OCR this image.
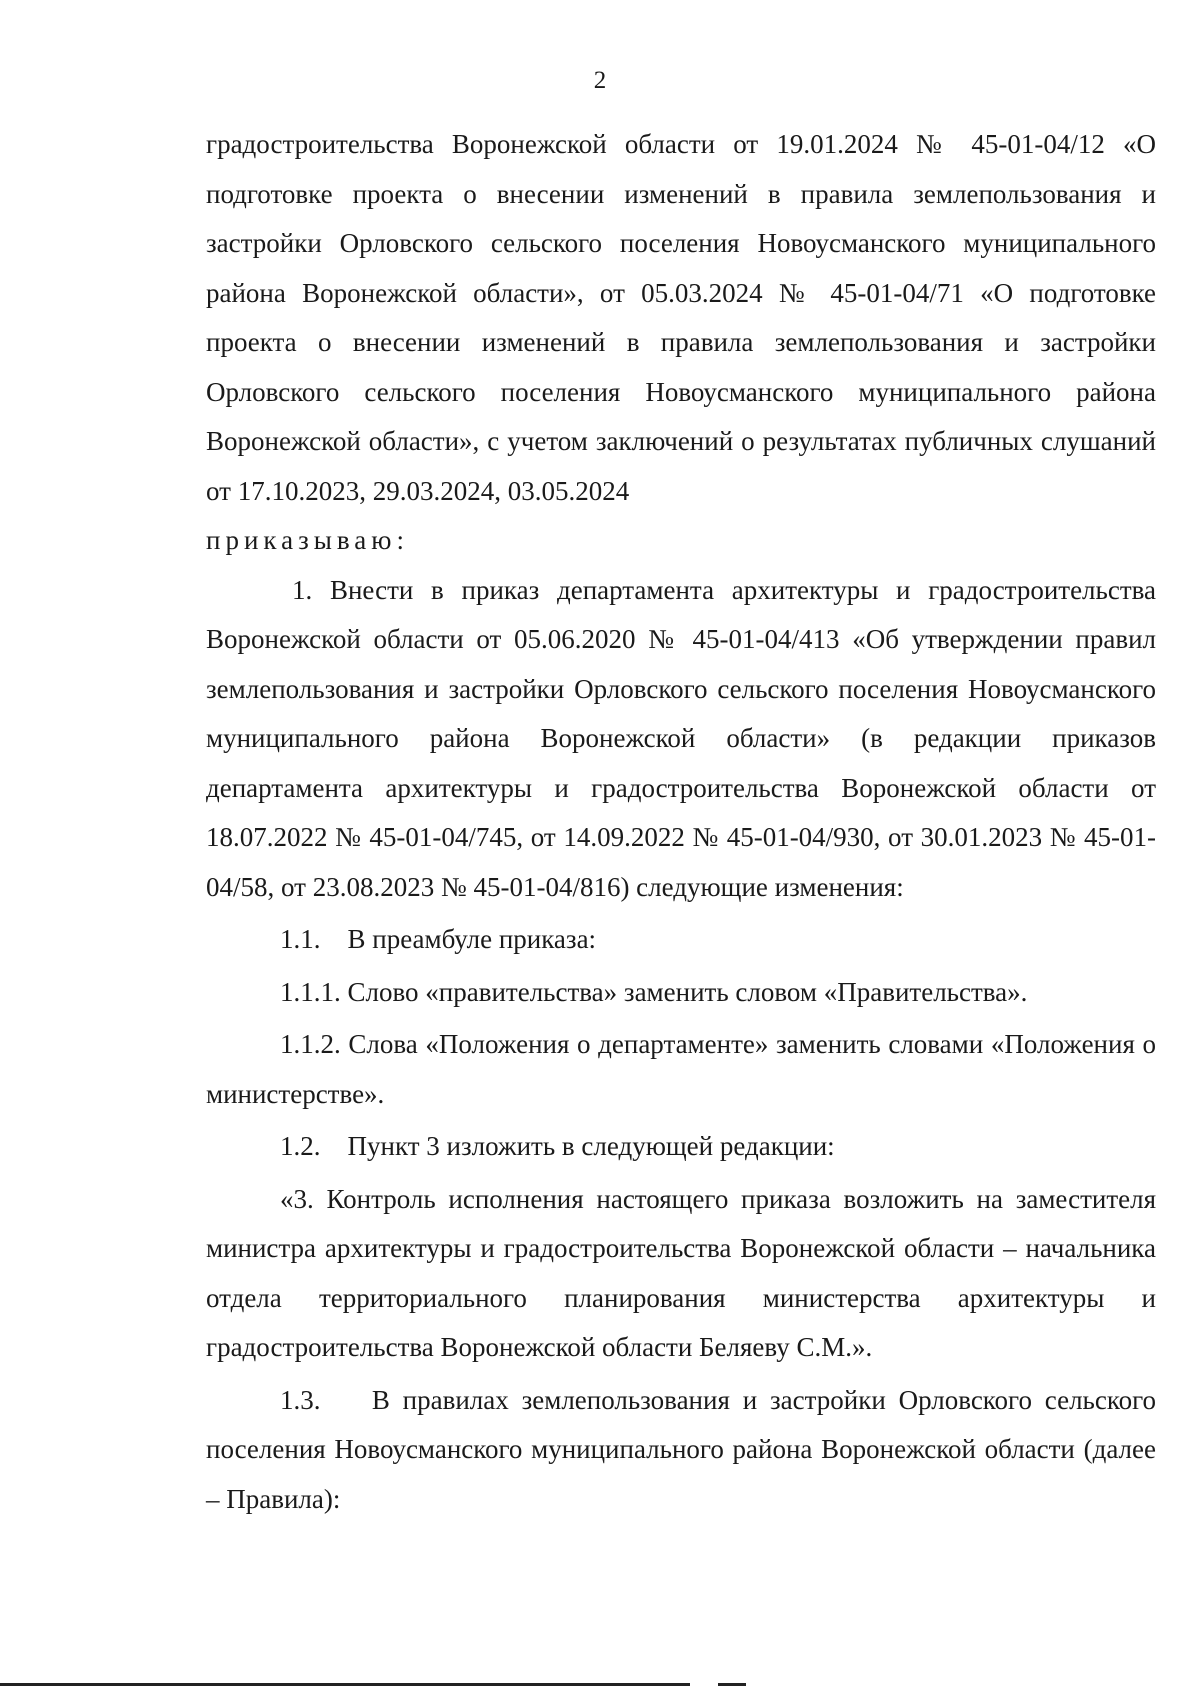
2

градостроительства Воронежской области от 19.01.2024 № 45-01-04/12 «О подготовке проекта о внесении изменений в правила землепользования и застройки Орловского сельского поселения Новоусманского муниципального района Воронежской области», от 05.03.2024 № 45-01-04/71 «О подготовке проекта о внесении изменений в правила землепользования и застройки Орловского сельского поселения Новоусманского муниципального района Воронежской области», с учетом заключений о результатах публичных слушаний от 17.10.2023, 29.03.2024, 03.05.2024

приказываю:

1. Внести в приказ департамента архитектуры и градостроительства Воронежской области от 05.06.2020 № 45-01-04/413 «Об утверждении правил землепользования и застройки Орловского сельского поселения Новоусманского муниципального района Воронежской области» (в редакции приказов департамента архитектуры и градостроительства Воронежской области от 18.07.2022 № 45-01-04/745, от 14.09.2022 № 45-01-04/930, от 30.01.2023 № 45-01-04/58, от 23.08.2023 № 45-01-04/816) следующие изменения:

1.1.    В преамбуле приказа:

1.1.1. Слово «правительства» заменить словом «Правительства».

1.1.2. Слова «Положения о департаменте» заменить словами «Положения о министерстве».

1.2.    Пункт 3 изложить в следующей редакции:

«3. Контроль исполнения настоящего приказа возложить на заместителя министра архитектуры и градостроительства Воронежской области – начальника отдела территориального планирования министерства архитектуры и градостроительства Воронежской области Беляеву С.М.».

1.3.    В правилах землепользования и застройки Орловского сельского поселения Новоусманского муниципального района Воронежской области (далее – Правила):
